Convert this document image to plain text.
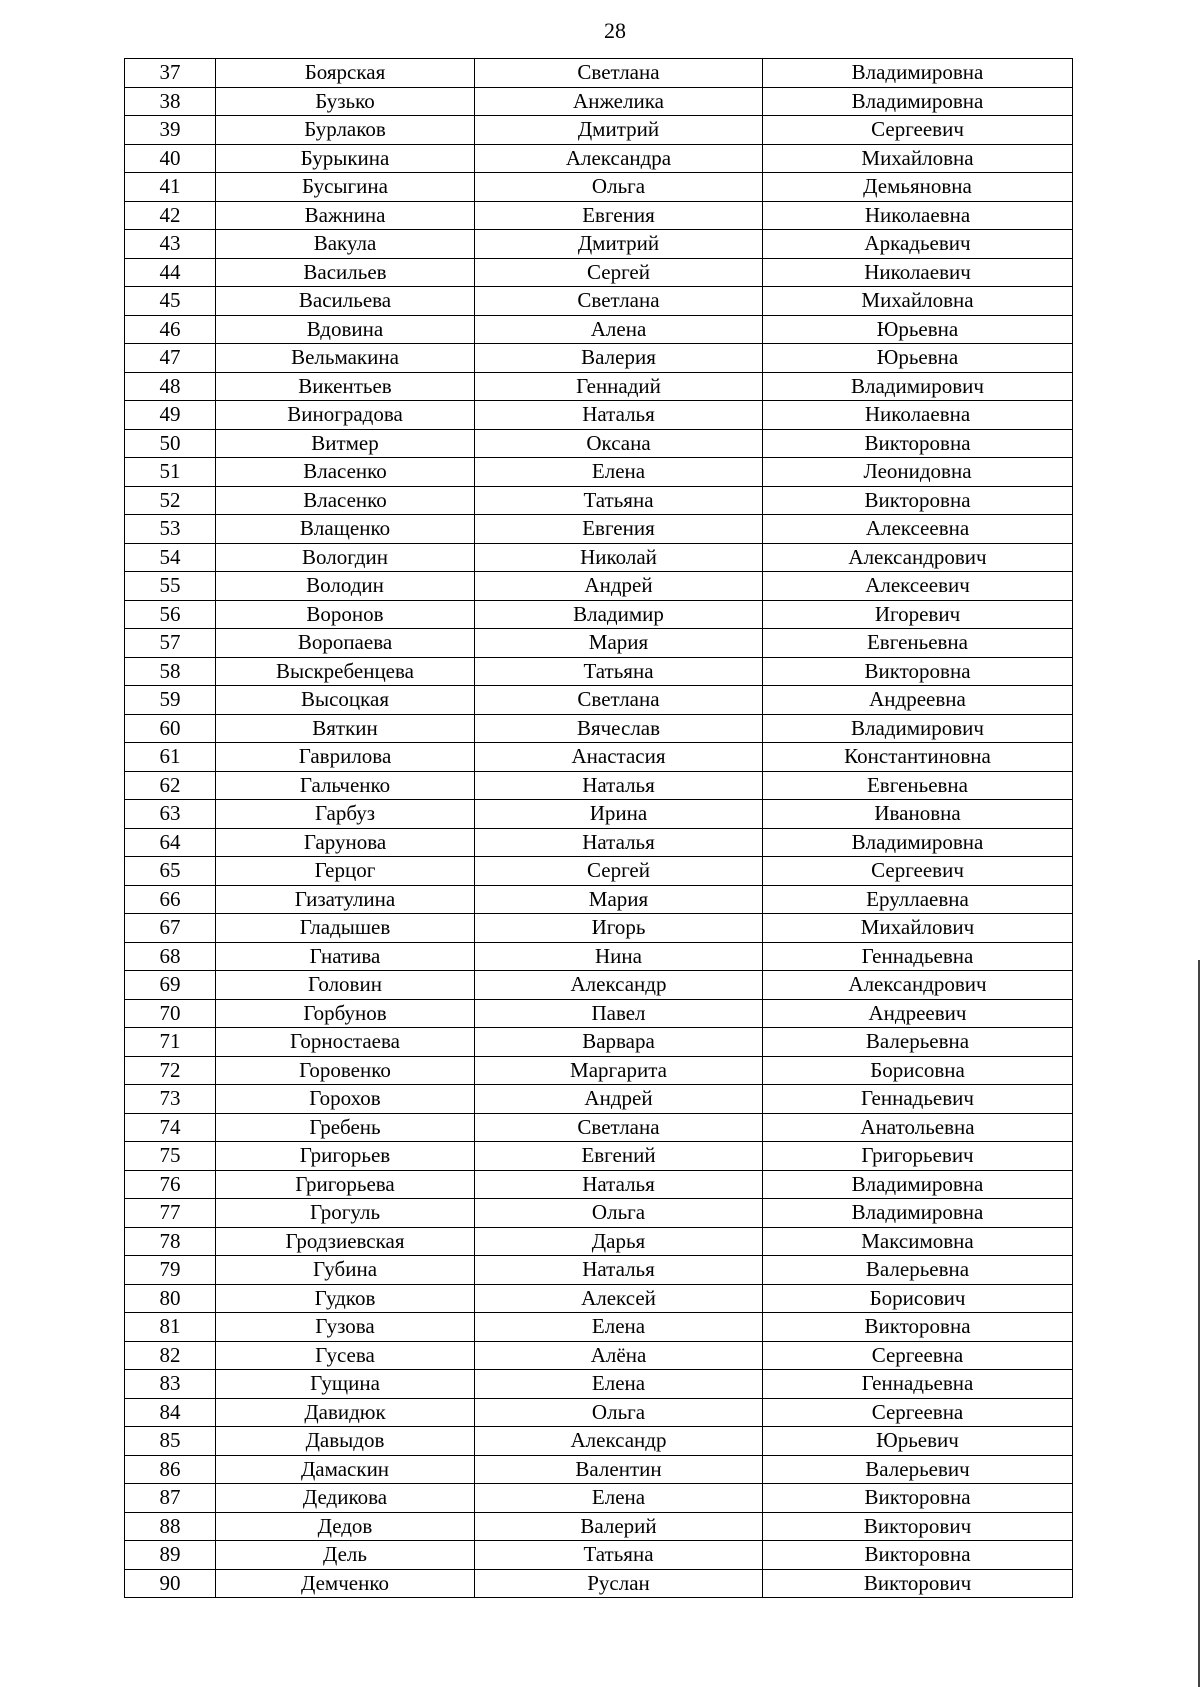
28
37	Боярская	Светлана	Владимировна
38	Бузько	Анжелика	Владимировна
39	Бурлаков	Дмитрий	Сергеевич
40	Бурыкина	Александра	Михайловна
41	Бусыгина	Ольга	Демьяновна
42	Важнина	Евгения	Николаевна
43	Вакула	Дмитрий	Аркадьевич
44	Васильев	Сергей	Николаевич
45	Васильева	Светлана	Михайловна
46	Вдовина	Алена	Юрьевна
47	Вельмакина	Валерия	Юрьевна
48	Викентьев	Геннадий	Владимирович
49	Виноградова	Наталья	Николаевна
50	Витмер	Оксана	Викторовна
51	Власенко	Елена	Леонидовна
52	Власенко	Татьяна	Викторовна
53	Влащенко	Евгения	Алексеевна
54	Вологдин	Николай	Александрович
55	Володин	Андрей	Алексеевич
56	Воронов	Владимир	Игоревич
57	Воропаева	Мария	Евгеньевна
58	Выскребенцева	Татьяна	Викторовна
59	Высоцкая	Светлана	Андреевна
60	Вяткин	Вячеслав	Владимирович
61	Гаврилова	Анастасия	Константиновна
62	Гальченко	Наталья	Евгеньевна
63	Гарбуз	Ирина	Ивановна
64	Гарунова	Наталья	Владимировна
65	Герцог	Сергей	Сергеевич
66	Гизатулина	Мария	Еруллаевна
67	Гладышев	Игорь	Михайлович
68	Гнатива	Нина	Геннадьевна
69	Головин	Александр	Александрович
70	Горбунов	Павел	Андреевич
71	Горностаева	Варвара	Валерьевна
72	Горовенко	Маргарита	Борисовна
73	Горохов	Андрей	Геннадьевич
74	Гребень	Светлана	Анатольевна
75	Григорьев	Евгений	Григорьевич
76	Григорьева	Наталья	Владимировна
77	Грогуль	Ольга	Владимировна
78	Гродзиевская	Дарья	Максимовна
79	Губина	Наталья	Валерьевна
80	Гудков	Алексей	Борисович
81	Гузова	Елена	Викторовна
82	Гусева	Алёна	Сергеевна
83	Гущина	Елена	Геннадьевна
84	Давидюк	Ольга	Сергеевна
85	Давыдов	Александр	Юрьевич
86	Дамаскин	Валентин	Валерьевич
87	Дедикова	Елена	Викторовна
88	Дедов	Валерий	Викторович
89	Дель	Татьяна	Викторовна
90	Демченко	Руслан	Викторович
